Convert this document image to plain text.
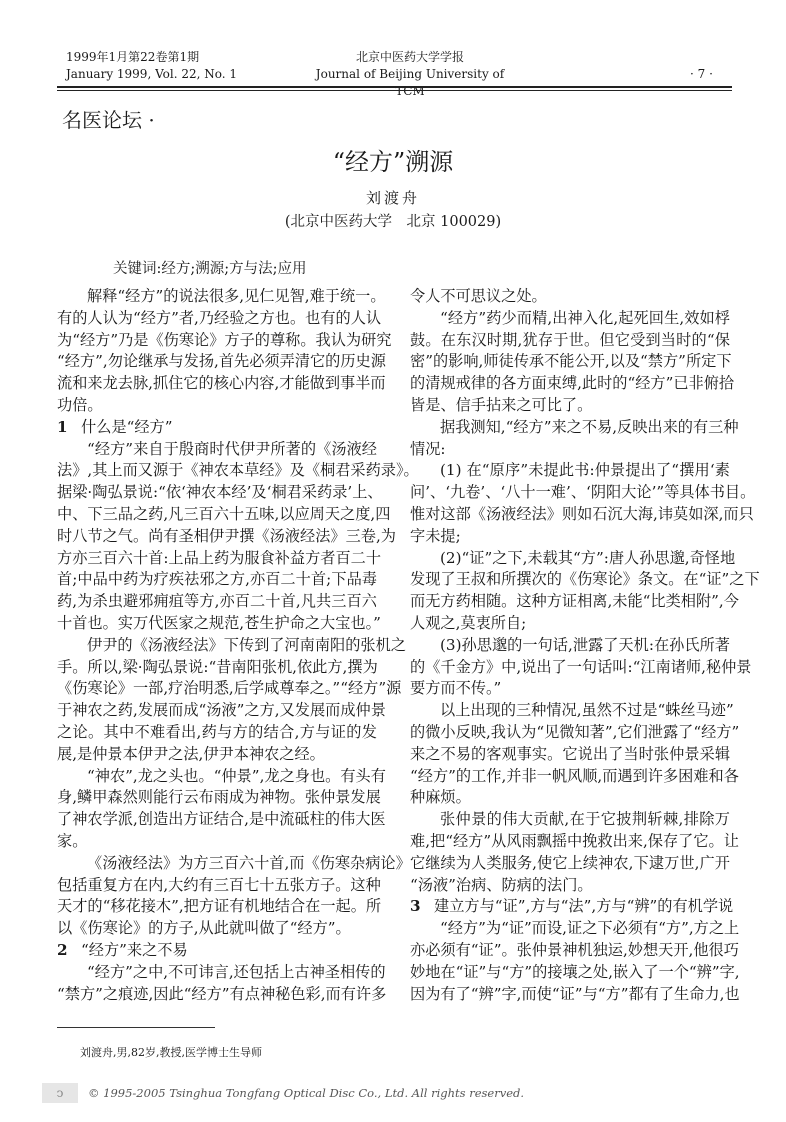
1999年1月第22卷第1期
January 1999, Vol. 22, No. 1
北京中医药大学学报
Journal of Beijing University of TCM
· 7 ·
名医论坛 ·
“经方”溯源
刘渡舟
(北京中医药大学　北京 100029)
关键词:经方;溯源;方与法;应用
解释“经方”的说法很多,见仁见智,难于统一。
有的人认为“经方”者,乃经验之方也。也有的人认
为“经方”乃是《伤寒论》方子的尊称。我认为研究
“经方”,勿论继承与发扬,首先必须弄清它的历史源
流和来龙去脉,抓住它的核心内容,才能做到事半而
功倍。
1 什么是“经方”
“经方”来自于殷商时代伊尹所著的《汤液经
法》,其上而又源于《神农本草经》及《桐君采药录》。
据梁·陶弘景说:“依‘神农本经’及‘桐君采药录’上、
中、下三品之药,凡三百六十五味,以应周天之度,四
时八节之气。尚有圣相伊尹撰《汤液经法》三卷,为
方亦三百六十首:上品上药为服食补益方者百二十
首;中品中药为疗疾祛邪之方,亦百二十首;下品毒
药,为杀虫避邪痈疽等方,亦百二十首,凡共三百六
十首也。实万代医家之规范,苍生护命之大宝也。”
伊尹的《汤液经法》下传到了河南南阳的张机之
手。所以,梁·陶弘景说:“昔南阳张机,依此方,撰为
《伤寒论》一部,疗治明悉,后学咸尊奉之。”“经方”源
于神农之药,发展而成“汤液”之方,又发展而成仲景
之论。其中不难看出,药与方的结合,方与证的发
展,是仲景本伊尹之法,伊尹本神农之经。
“神农”,龙之头也。“仲景”,龙之身也。有头有
身,鳞甲森然则能行云布雨成为神物。张仲景发展
了神农学派,创造出方证结合,是中流砥柱的伟大医
家。
《汤液经法》为方三百六十首,而《伤寒杂病论》
包括重复方在内,大约有三百七十五张方子。这种
天才的“移花接木”,把方证有机地结合在一起。所
以《伤寒论》的方子,从此就叫做了“经方”。
2 “经方”来之不易
“经方”之中,不可讳言,还包括上古神圣相传的
“禁方”之痕迹,因此“经方”有点神秘色彩,而有许多
令人不可思议之处。
“经方”药少而精,出神入化,起死回生,效如桴
鼓。在东汉时期,犹存于世。但它受到当时的“保
密”的影响,师徒传承不能公开,以及“禁方”所定下
的清规戒律的各方面束缚,此时的“经方”已非俯拾
皆是、信手拈来之可比了。
据我测知,“经方”来之不易,反映出来的有三种
情况:
(1) 在“原序”未提此书:仲景提出了“撰用‘素
问’、‘九卷’、‘八十一难’、‘阴阳大论’”等具体书目。
惟对这部《汤液经法》则如石沉大海,讳莫如深,而只
字未提;
(2)“证”之下,未载其“方”:唐人孙思邈,奇怪地
发现了王叔和所撰次的《伤寒论》条文。在“证”之下
而无方药相随。这种方证相离,未能“比类相附”,今
人观之,莫衷所自;
(3)孙思邈的一句话,泄露了天机:在孙氏所著
的《千金方》中,说出了一句话叫:“江南诸师,秘仲景
要方而不传。”
以上出现的三种情况,虽然不过是“蛛丝马迹”
的微小反映,我认为“见微知著”,它们泄露了“经方”
来之不易的客观事实。它说出了当时张仲景采辑
“经方”的工作,并非一帆风顺,而遇到许多困难和各
种麻烦。
张仲景的伟大贡献,在于它披荆斩棘,排除万
难,把“经方”从风雨飘摇中挽救出来,保存了它。让
它继续为人类服务,使它上续神农,下逮万世,广开
“汤液”治病、防病的法门。
3 建立方与“证”,方与“法”,方与“辨”的有机学说
“经方”为“证”而设,证之下必须有“方”,方之上
亦必须有“证”。张仲景神机独运,妙想天开,他很巧
妙地在“证”与“方”的接壤之处,嵌入了一个“辨”字,
因为有了“辨”字,而使“证”与“方”都有了生命力,也
刘渡舟,男,82岁,教授,医学博士生导师
ↄ	© 1995-2005 Tsinghua Tongfang Optical Disc Co., Ltd. All rights reserved.
